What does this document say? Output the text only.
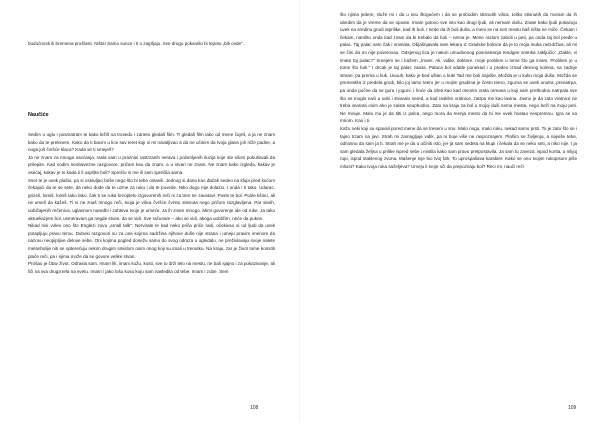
budućnosti ili bremena prošlosti. Ništa! Samo sunce i ti u zagrljaju. Sve drugo pokvarilo bi lepotu „biti ovde".

Naučiće

Sedim u uglu i posmatram te kako ležiš na trosedu i zaneto gledaš film. Ti gledaš film iako od mene čuješ, a ja ne znam kako da te prekinem. Kako da ti bacim u lice sav teret koji si mi navaljivao a da ne učinim da tvoja glava još niže padne, a noga još čvršće klaca? Kada se ti smeješ?

Ja ne znam za mnoga osećanja, rasla sam u praznini rastrzanih nerava i polomljenih iluzija koje ste silom pokušavali da prilepite. Kad vodim neobavezne razgovore, pričam kao da znam, a u stvari ne znam. Ne znam kako izgleda, kakav je osećaj, kakav je to kada ti li uspište boli? Sprečio si me ili sam sprečila sama.

Svet te je uvek plašio, pa si ostavljao briše nego što bi tebe ostavili. Jednog si dana kao đačak sedeo na klupi pred kućom čekajući da te se sete, da neko dođe da te uzme za ruku i da te povede. Niko dugo nije dolazio. I onda i ti tako. Udarac, grizeš, lomiš, lomiš tako lako, čak ti se ruka brzopleto izgovorenih reči ni za tren ne zaustavi. Posle te bol. Posle tišinu, ali ne umeš da kažeš. Ti ni ne znaš mnogo reči, tvoja je vilica čvršće čvrsto stisnuta nego pričom razglavljena. Par sitnih, uobičajenih rečenica, uglavnom naredbi i zahteva tvoje je umeće. Ja ih znam mnogo. Mimi govorenje ide od ruke. Ja tako aktueliazjem bol, usmeravam ga negde stvan, da se vidi. Sve računam – ako se vidi, akoga uobličim, neće da pukne.

Nikad nisi voleo ono što Englezi zovu „small talk". Nervirale te kad neko priča priče radi, očekivao si od ljudi da uvek potapljuju pravu temu. Duboki razgovori su za one kojima sadržina njihove duše nije strana i umeju pravim imenom da nazovu neopipljive delove sebe. Oni kojima pogled dosežu samo do svog odraza u ogledalu, ne preživlavaju svoje nalete melanholije niti se opterećuju nekim drugim smislom osim onog koji su imali u trenutku. Na kraju, zar je život tome koristiti plače reči, pa i njima može da se gоvore velike stvari.

Prošao je čitav život. Odrasla sam. Imam lik, imam kožu, kosti, sve to drži telo na mestu, ne baš sjajno i za pokazivanje, ali liči na sva druga tela na svetu. Imam i jako lošu kosu koju sam nasledila od tebe. Imam i zube. Sem

108

što njima jedem, služe mi i da u snu škrgućem i da se probudim stisnutih vilica, toliko stisnutih da moram da ih ubedim da je vreme da se opuste. Imam gotovo sve isto kao drugi ljudi, ali nemam dušu. Znate kako ljudi pokazuju uvek na sredinu grudi otprilike, kad ih boli. I tvrde da ih boli duša, a meni se na tom mestu baš ništa ne miče. Čekam i čekam, naništo onda kad znam da bi trebalo da boli – nema je. Mene razlom zaboli u peti, pa onda taj bol pređe u palac. Taj palac sam čak i snimala. Objašnjavala sam lekaru iz Gradske bolnice da je to moja muka neizdrživa, ali mi se čini da mi nije poverovao. Odsjenog lica je nakon umudnenog posmatranja rendgen snimka zaključio: „Dakle, vi imate taj palac?" Smejem se i kažem „Imam. Ali, vidite, doktore, moje problem u tome što ga imam. Problem je u tome što boli." I drcak je taj palac zaista. Palaca bol odatle ponekad i u predeo iznad desnog kolena, sa zadnje strane, pa prema u kuk. Uuuuh, kako je bed ušlan u kuk! Tad me boli najviše. Možda je u kuku moja duša. Možda se premestila iz predela grudi, bilo joj tamo teero jer u mojim grudima je često teero, zguzva se uvek unutra, prenatrpa, pa onda počne da se gura i joguni, i hoće da izleti kao kad otvorim vrata ormana u koji sam prethodno natrpala sve što se moglo naći u sobi i stvaralo nered, a kad rasklim vratnice, zatrpa me kao lavina. Jasno je da zato vratnice ne treba otvarati osim ako je zaista neophodno. Zato na kraju za bol u mojoj duši nema mesta, nego beži na moju peti. Ne miruje. Malo mu je da titti iz palca, nego mora da menja mesto da bi me uvek hvatao nespremnu. Igra se sa mnom. Kao i ti.

Kažu neki koji su spavali pored mene da se tresem u snu. Malo nogu, malo ruku, nekad samo prsti. To je zato što se i tajno trzam na javi. Strah mi zamagljuje vidik, pa ni boje više ne raspoznajem. Plašim se življenja, a najviše tebe, odnosno da sam ja ti. Strah me je da u učiniti isto, jer ja sam sedela na klupi i čekala da se neko seti, a niko nije. I ja sam gledala željna u prilike ispred sebe i mislila kako sam pravo pretpostavila. Ja sam tu zaveza, ispod korita, u mlijoj rupi, ispod staklenog zvona. Mašenje nije bio tvoj fah. To uprospašava karakter. Kako se ono tvojim rukopisom piše mliost? Kako tvoja ruka saželjeva? Umeju li tvoje oči da prepoznaju bol? Reci mi, nauči reč!

109
